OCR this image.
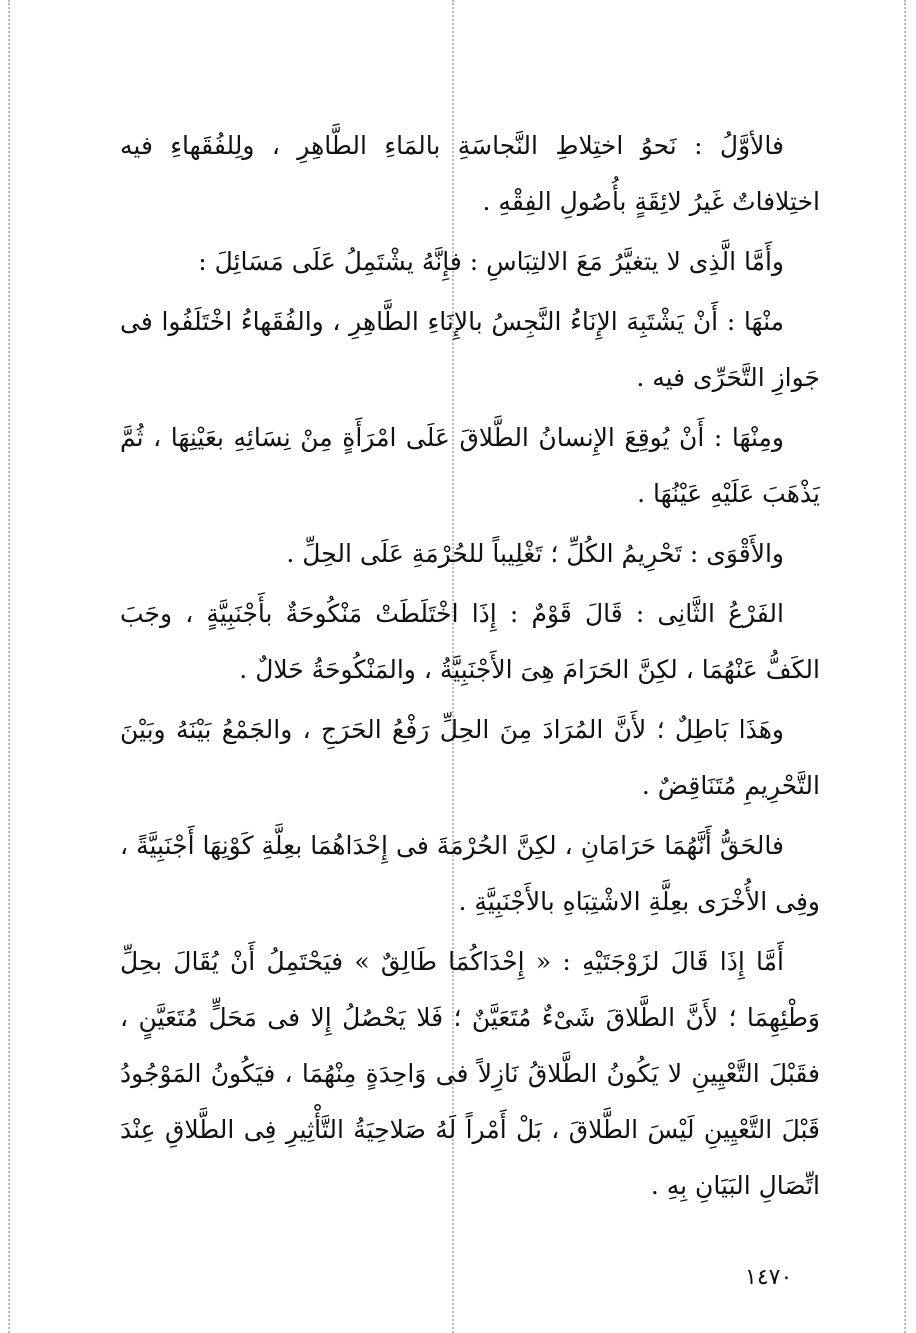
فالأوَّلُ : نَحوُ اختِلاطِ النَّجاسَةِ بالمَاءِ الطَّاهِرِ ، ولِلفُقَهاءِ فيه اختِلافاتٌ غَيرُ لائِقَةٍ بأُصُولِ الفِقْهِ .

وأَمَّا الَّذِى لا يتغيَّرُ مَعَ الالتِبَاسِ : فإِنَّهُ يشْتَمِلُ عَلَى مَسَائِلَ :

منْهَا : أَنْ يَشْتَبِهَ الإِنَاءُ النَّجِسُ بالإِنَاءِ الطَّاهِرِ ، والفُقَهاءُ اخْتَلَفُوا فى جَوازِ التَّحَرِّى فيه .

ومِنْهَا : أَنْ يُوقِعَ الإِنسانُ الطَّلاقَ عَلَى امْرَأَةٍ مِنْ نِسَائِهِ بعَيْنِهَا ، ثُمَّ يَذْهَبَ عَلَيْهِ عَيْنُهَا .

والأَقْوَى : تَحْرِيمُ الكُلِّ ؛ تَغْلِيباً للحُرْمَةِ عَلَى الحِلِّ .

الفَرْعُ الثَّانِى : قَالَ قَوْمٌ : إِذَا اخْتَلَطَتْ مَنْكُوحَةٌ بأَجْنَبِيَّةٍ ، وجَبَ الكَفُّ عَنْهُمَا ، لكِنَّ الحَرَامَ هِىَ الأَجْنَبِيَّةُ ، والمَنْكُوحَةُ حَلالٌ .

وهَذَا بَاطِلٌ ؛ لأَنَّ المُرَادَ مِنَ الحِلِّ رَفْعُ الحَرَجِ ، والجَمْعُ بَيْنَهُ وبَيْنَ التَّحْرِيمِ مُتَنَاقِضٌ .

فالحَقُّ أَنَّهُمَا حَرَامَانِ ، لكِنَّ الحُرْمَةَ فى إِحْدَاهُمَا بعِلَّةِ كَوْنِهَا أَجْنَبِيَّةً ، وفِى الأُخْرَى بعِلَّةِ الاشْتِبَاهِ بالأَجْنَبِيَّةِ .

أَمَّا إِذَا قَالَ لزَوْجَتَيْهِ : « إِحْدَاكُمَا طَالِقٌ » فيَحْتَمِلُ أَنْ يُقَالَ بحِلِّ وَطْئِهِمَا ؛ لأَنَّ الطَّلاقَ شَىْءٌ مُتَعَيَّنٌ ؛ فَلا يَحْصُلُ إِلا فى مَحَلٍّ مُتَعَيَّنٍ ، فقَبْلَ التَّعْيِينِ لا يَكُونُ الطَّلاقُ نَازِلاً فى وَاحِدَةٍ مِنْهُمَا ، فيَكُونُ المَوْجُودُ قَبْلَ التَّعْيِينِ لَيْسَ الطَّلاقَ ، بَلْ أَمْراً لَهُ صَلاحِيَةُ التَّأْثِيرِ فِى الطَّلاقِ عِنْدَ اتِّصَالِ البَيَانِ بِهِ .

١٤٧٠
